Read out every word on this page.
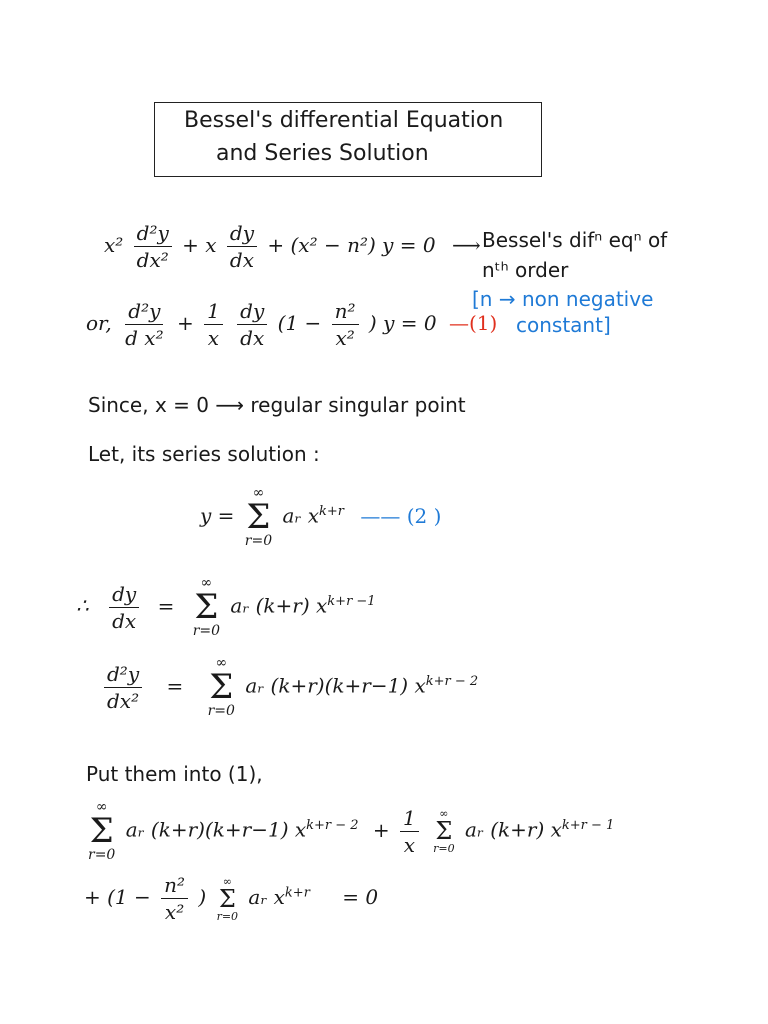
Bessel's differential Equation
and Series Solution
$x^2 \frac{\text{d²y}}{\text{dx²}} + x \frac{dy}{dx} + (x^2 - n^2) y = 0$ ⟶ Bessel's difⁿ eqⁿ of
nᵗʰ order
[n → non negative
constant]
or, $\frac{\text{d²y}}{\text{d x²}} + \frac{1}{x}$
$\frac{dy}{dx} (1 - \frac{\text{n²}}{\text{x²}}$ ) y = 0 —(1)
Since, x = 0 ⟶ regular singular point
Let, its series solution :
y =
∞
Σ
r=0
aᵣ $x^{k+r}$ —— (2 )
∴ $\frac{dy}{dx}$ =
∞
Σ
r=0
aᵣ (k+r) $x^{k+r -1}$
$\frac{\text{d²y}}{\text{dx²}}$ =
∞
Σ
r=0
aᵣ (k+r)(k+r−1) $x^{k+r - 2}$
Put them into (1),
∞
Σ
r=0
aᵣ (k+r)(k+r−1) $x^{k+r - 2} + \frac{1}{x}$
∞
Σ
r=0
aᵣ (k+r) $x^{k+r - 1}$
+ ($1 - \frac{\text{n²}}{\text{x²}}$ )
∞
Σ
r=0
aᵣ $x^{k+r} = 0$
